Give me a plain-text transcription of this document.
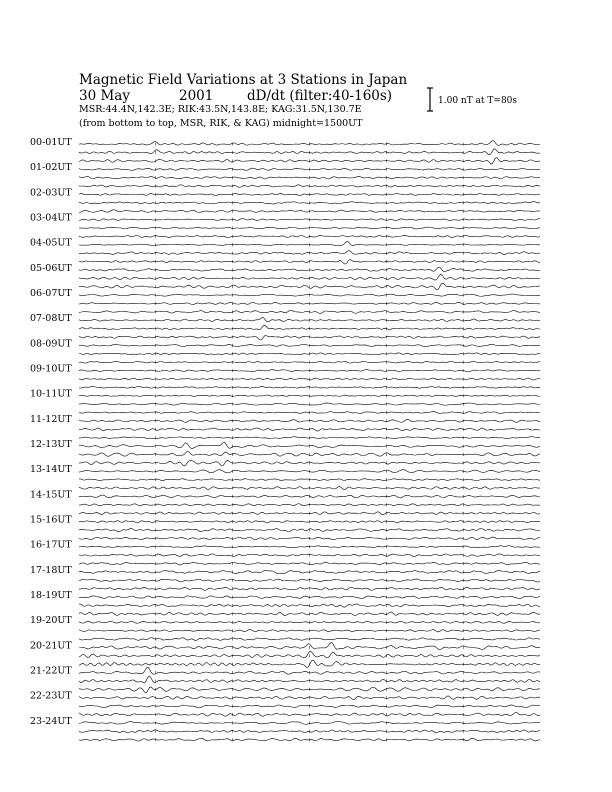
Magnetic Field Variations at 3 Stations in Japan
30 May	2001 dD/dt (filter:40-160s)
MSR:44.4N,142.3E; RIK:43.5N,143.8E; KAG:31.5N,130.7E
(from bottom to top, MSR, RIK, & KAG) midnight=1500UT
1.00 nT at T=80s
00-01UT
01-02UT
02-03UT
03-04UT
04-05UT
05-06UT
06-07UT
07-08UT
08-09UT
09-10UT
10-11UT
11-12UT
12-13UT
13-14UT
14-15UT
15-16UT
16-17UT
17-18UT
18-19UT
19-20UT
20-21UT
21-22UT
22-23UT
23-24UT
